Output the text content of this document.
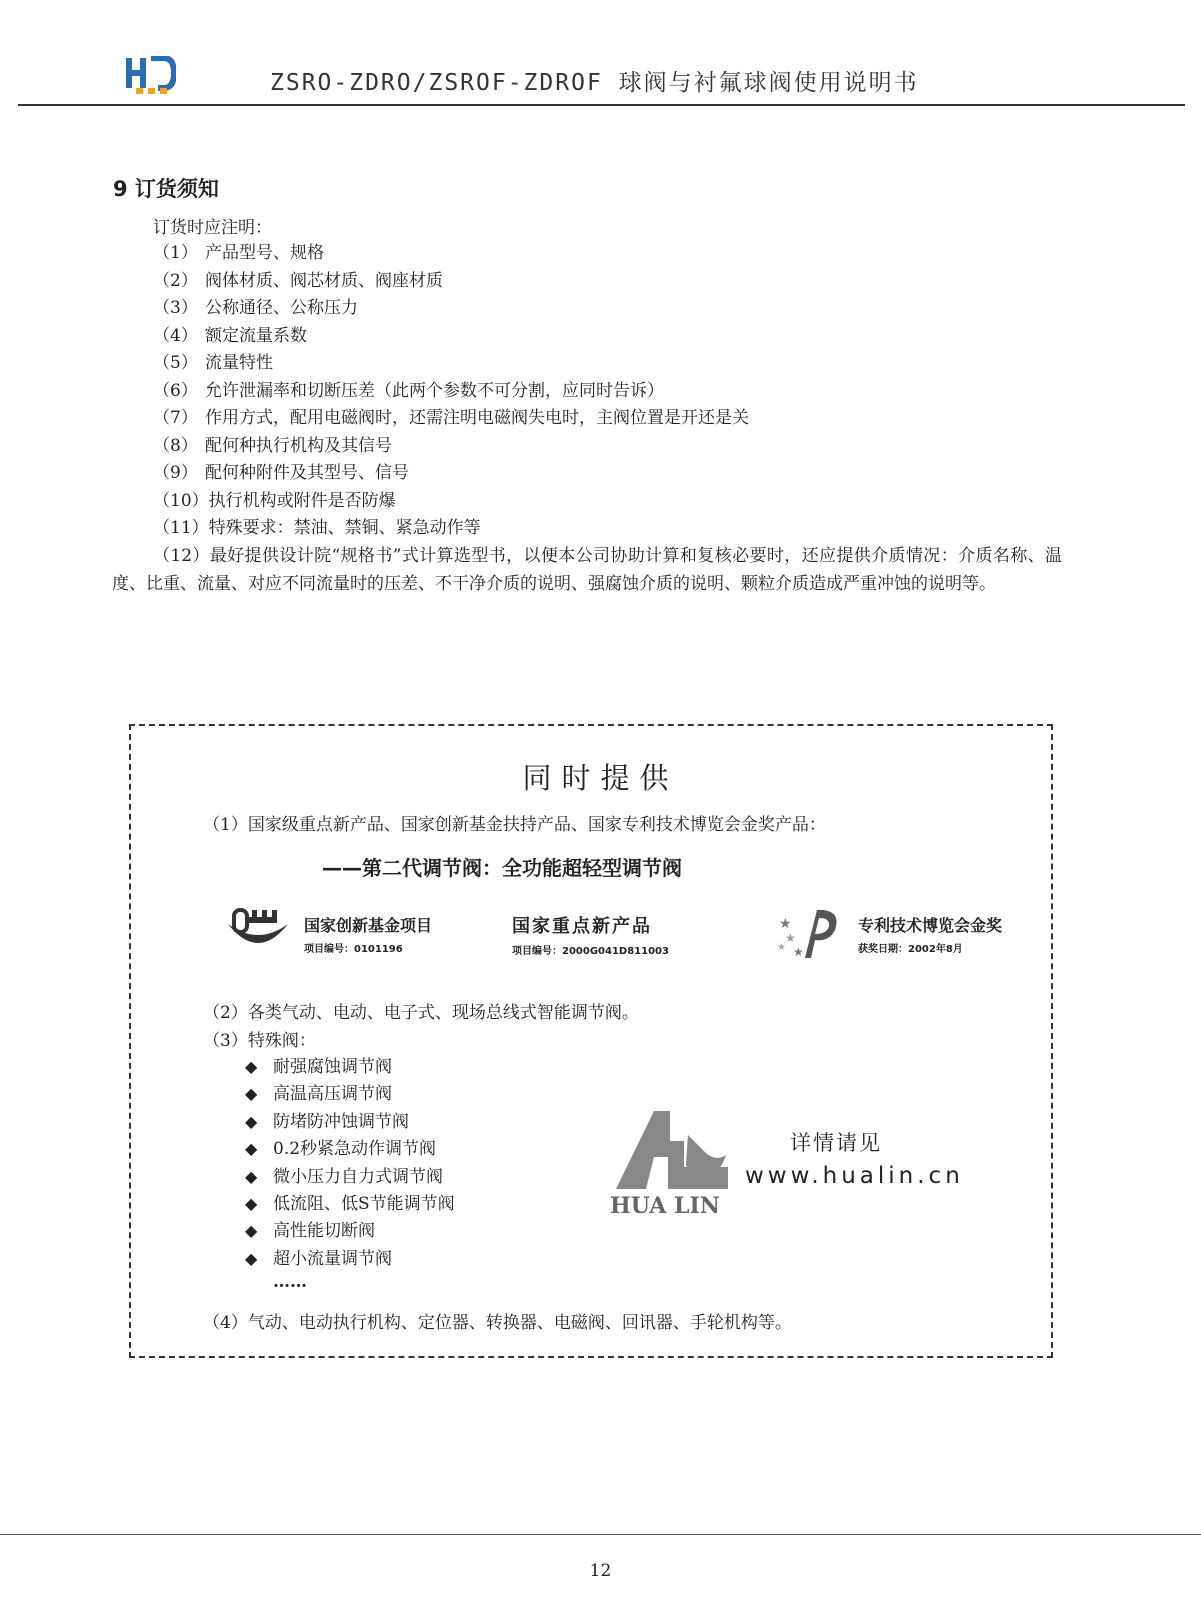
ZSRO-ZDRO/ZSROF-ZDROF 球阀与衬氟球阀使用说明书
9 订货须知
订货时应注明：
（1） 产品型号、规格
（2） 阀体材质、阀芯材质、阀座材质
（3） 公称通径、公称压力
（4） 额定流量系数
（5） 流量特性
（6） 允许泄漏率和切断压差（此两个参数不可分割，应同时告诉）
（7） 作用方式，配用电磁阀时，还需注明电磁阀失电时，主阀位置是开还是关
（8） 配何种执行机构及其信号
（9） 配何种附件及其型号、信号
（10）执行机构或附件是否防爆
（11）特殊要求：禁油、禁铜、紧急动作等

（12）最好提供设计院“规格书”式计算选型书，以便本公司协助计算和复核必要时，还应提供介质情况：介质名称、温度、比重、流量、对应不同流量时的压差、不干净介质的说明、强腐蚀介质的说明、颗粒介质造成严重冲蚀的说明等。

同时提供
（1）国家级重点新产品、国家创新基金扶持产品、国家专利技术博览会金奖产品：
——第二代调节阀：全功能超轻型调节阀
国家创新基金项目
项目编号：0101196
国家重点新产品
项目编号：2000G041D811003
★
★
★ ★
专利技术博览会金奖
获奖日期：2002年8月
（2）各类气动、电动、电子式、现场总线式智能调节阀。
（3）特殊阀：
◆ 耐强腐蚀调节阀
◆ 高温高压调节阀
◆ 防堵防冲蚀调节阀
◆ 0.2秒紧急动作调节阀
◆ 微小压力自力式调节阀
◆ 低流阻、低S节能调节阀
◆ 高性能切断阀
◆ 超小流量调节阀
……
（4）气动、电动执行机构、定位器、转换器、电磁阀、回讯器、手轮机构等。
HUA LIN
详情请见
www.hualin.cn
12
